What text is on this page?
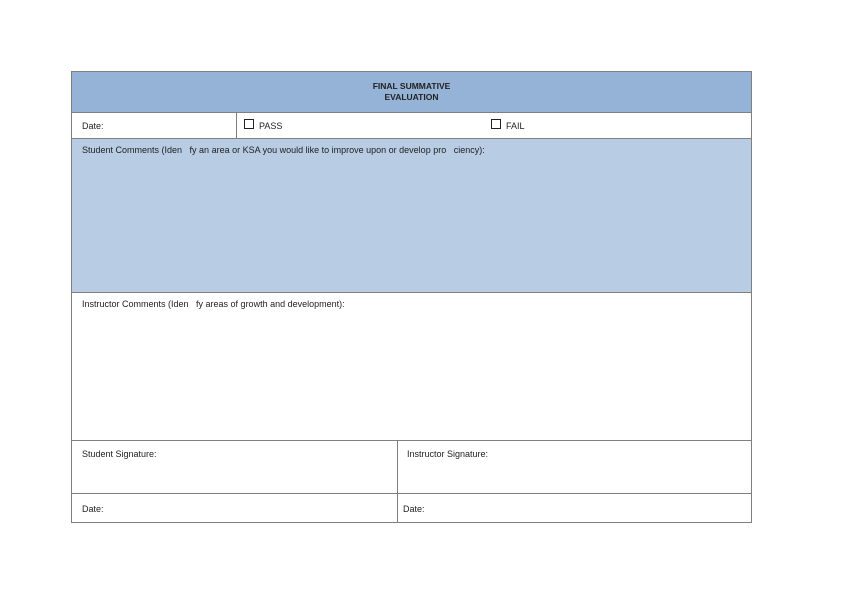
FINAL SUMMATIVE
EVALUATION
Date:	PASS	FAIL
Student Comments (Iden   fy an area or KSA you would like to improve upon or develop pro   ciency):
Instructor Comments (Iden   fy areas of growth and development):
Student Signature:	Instructor Signature:
Date:	Date:
